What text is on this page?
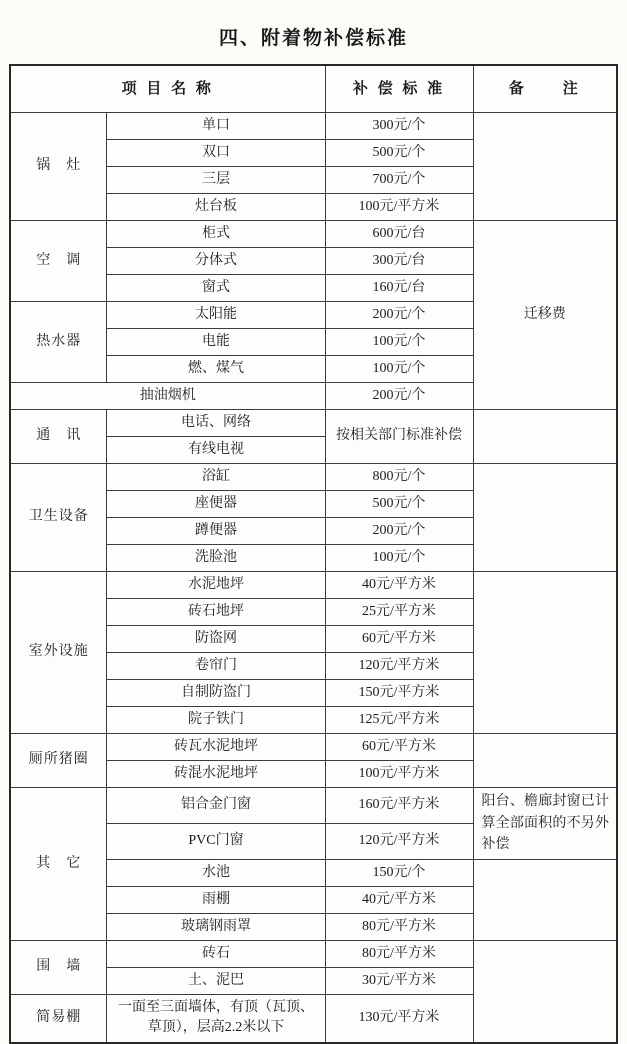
四、附着物补偿标准
项 目 名 称		补 偿 标 准	备　　注
锅　灶	单口	300元/个	
	双口	500元/个	
	三层	700元/个	
	灶台板	100元/平方米	
空　调	柜式	600元/台	迁移费
	分体式	300元/台	
	窗式	160元/台	
热水器	太阳能	200元/个	
	电能	100元/个	
	燃、煤气	100元/个	
抽油烟机		200元/个	
通　讯	电话、网络	按相关部门标准补偿	
	有线电视		
卫生设备	浴缸	800元/个	
	座便器	500元/个	
	蹲便器	200元/个	
	洗脸池	100元/个	
室外设施	水泥地坪	40元/平方米	
	砖石地坪	25元/平方米	
	防盗网	60元/平方米	
	卷帘门	120元/平方米	
	自制防盗门	150元/平方米	
	院子铁门	125元/平方米	
厕所猪圈	砖瓦水泥地坪	60元/平方米	
	砖混水泥地坪	100元/平方米	
其　它	铝合金门窗	160元/平方米	阳台、檐廊封窗已计算全部面积的不另外补偿
	PVC门窗	120元/平方米	
	水池	150元/个	
	雨棚	40元/平方米	
	玻璃钢雨罩	80元/平方米	
围　墙	砖石	80元/平方米	
	土、泥巴	30元/平方米	
简易棚	一面至三面墙体，有顶（瓦顶、草顶），层高2.2米以下	130元/平方米	
